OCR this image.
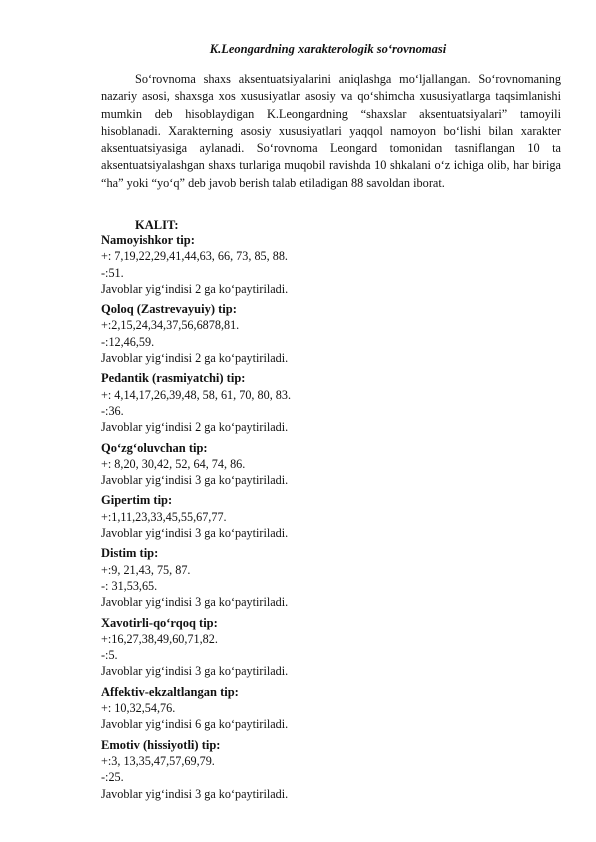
K.Leongardning xarakterologik so‘rovnomasi

So‘rovnoma shaxs aksentuatsiyalarini aniqlashga mo‘ljallangan. So‘rovnomaning nazariy asosi, shaxsga xos xususiyatlar asosiy va qo‘shimcha xususiyatlarga taqsimlanishi mumkin deb hisoblaydigan K.Leongardning “shaxslar aksentuatsiyalari” tamoyili hisoblanadi. Xarakterning asosiy xususiyatlari yaqqol namoyon bo‘lishi bilan xarakter aksentuatsiyasiga aylanadi. So‘rovnoma Leongard tomonidan tasniflangan 10 ta aksentuatsiyalashgan shaxs turlariga muqobil ravishda 10 shkalani o‘z ichiga olib, har biriga “ha” yoki “yo‘q” deb javob berish talab etiladigan 88 savoldan iborat.

KALIT:

Namoyishkor tip:

+: 7,19,22,29,41,44,63, 66, 73, 85, 88.

-:51.

Javoblar yig‘indisi 2 ga ko‘paytiriladi.

Qoloq (Zastrevayuiy) tip:

+:2,15,24,34,37,56,6878,81.

-:12,46,59.

Javoblar yig‘indisi 2 ga ko‘paytiriladi.

Pedantik (rasmiyatchi) tip:

+: 4,14,17,26,39,48, 58, 61, 70, 80, 83.

-:36.

Javoblar yig‘indisi 2 ga ko‘paytiriladi.

Qo‘zg‘oluvchan tip:

+: 8,20, 30,42, 52, 64, 74, 86.

Javoblar yig‘indisi 3 ga ko‘paytiriladi.

Gipertim tip:

+:1,11,23,33,45,55,67,77.

Javoblar yig‘indisi 3 ga ko‘paytiriladi.

Distim tip:

+:9, 21,43, 75, 87.

-: 31,53,65.

Javoblar yig‘indisi 3 ga ko‘paytiriladi.

Xavotirli-qo‘rqoq tip:

+:16,27,38,49,60,71,82.

-:5.

Javoblar yig‘indisi 3 ga ko‘paytiriladi.

Affektiv-ekzaltlangan tip:

+: 10,32,54,76.

Javoblar yig‘indisi 6 ga ko‘paytiriladi.

Emotiv (hissiyotli) tip:

+:3, 13,35,47,57,69,79.

-:25.

Javoblar yig‘indisi 3 ga ko‘paytiriladi.
